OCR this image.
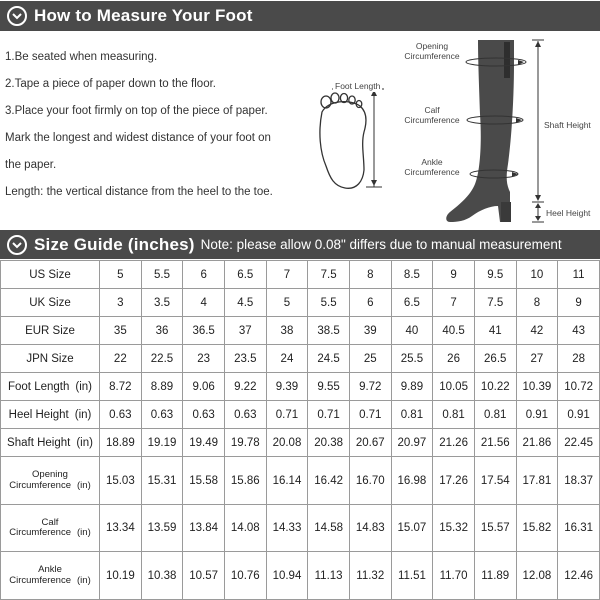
How to Measure Your Foot

1.Be seated when measuring.

2.Tape a piece of paper down to the floor.

3.Place your foot firmly on top of the piece of paper.

Mark the longest and widest distance of your foot on

the paper.

Length: the vertical distance from the heel to the toe.

Foot Length
Opening
Circumference
Calf
Circumference
Ankle
Circumference
Shaft Height
Heel Height
Size Guide (inches) Note: please allow 0.08" differs due to manual measurement
US Size	5	5.5	6	6.5	7	7.5	8	8.5	9	9.5	10	11
UK Size	3	3.5	4	4.5	5	5.5	6	6.5	7	7.5	8	9
EUR Size	35	36	36.5	37	38	38.5	39	40	40.5	41	42	43
JPN Size	22	22.5	23	23.5	24	24.5	25	25.5	26	26.5	27	28
Foot Length (in)	8.72	8.89	9.06	9.22	9.39	9.55	9.72	9.89	10.05	10.22	10.39	10.72
Heel Height (in)	0.63	0.63	0.63	0.63	0.71	0.71	0.71	0.81	0.81	0.81	0.91	0.91
Shaft Height (in)	18.89	19.19	19.49	19.78	20.08	20.38	20.67	20.97	21.26	21.56	21.86	22.45

Opening
Circumference (in)	15.03	15.31	15.58	15.86	16.14	16.42	16.70	16.98	17.26	17.54	17.81	18.37

Calf
Circumference (in)	13.34	13.59	13.84	14.08	14.33	14.58	14.83	15.07	15.32	15.57	15.82	16.31

Ankle
Circumference (in)	10.19	10.38	10.57	10.76	10.94	11.13	11.32	11.51	11.70	11.89	12.08	12.46
